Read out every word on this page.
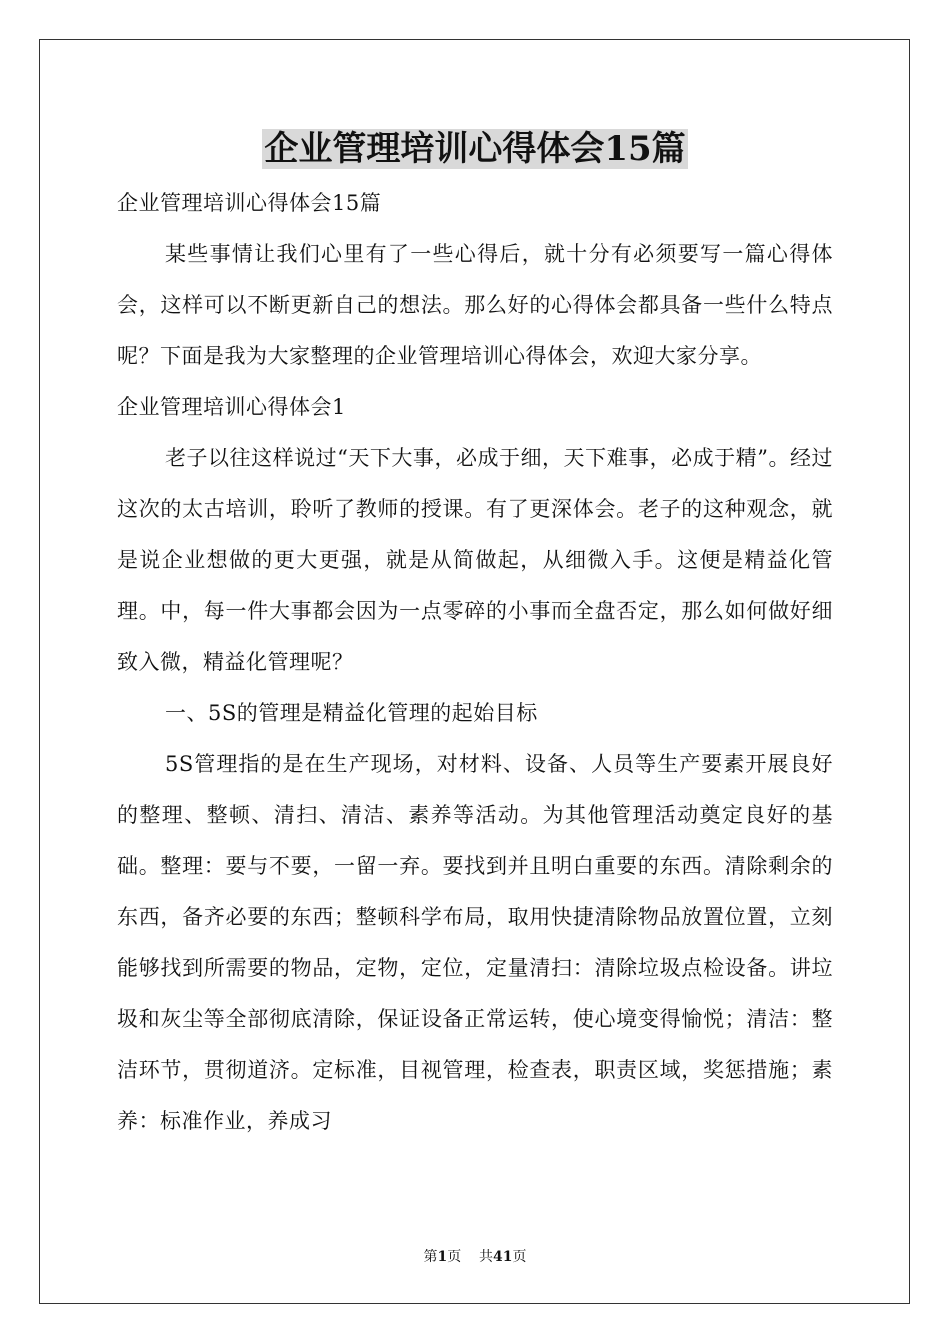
企业管理培训心得体会15篇

企业管理培训心得体会15篇

某些事情让我们心里有了一些心得后，就十分有必须要写一篇心得体会，这样可以不断更新自己的想法。那么好的心得体会都具备一些什么特点呢？下面是我为大家整理的企业管理培训心得体会，欢迎大家分享。

企业管理培训心得体会1

老子以往这样说过“天下大事，必成于细，天下难事，必成于精”。经过这次的太古培训，聆听了教师的授课。有了更深体会。老子的这种观念，就是说企业想做的更大更强，就是从简做起，从细微入手。这便是精益化管理。中，每一件大事都会因为一点零碎的小事而全盘否定，那么如何做好细致入微，精益化管理呢？

一、5S的管理是精益化管理的起始目标

5S管理指的是在生产现场，对材料、设备、人员等生产要素开展良好的整理、整顿、清扫、清洁、素养等活动。为其他管理活动奠定良好的基础。整理：要与不要，一留一弃。要找到并且明白重要的东西。清除剩余的东西，备齐必要的东西；整顿科学布局，取用快捷清除物品放置位置，立刻能够找到所需要的物品，定物，定位，定量清扫：清除垃圾点检设备。讲垃圾和灰尘等全部彻底清除，保证设备正常运转，使心境变得愉悦；清洁：整洁环节，贯彻道济。定标准，目视管理，检查表，职责区域，奖惩措施；素养：标准作业，养成习

第1页 共41页
